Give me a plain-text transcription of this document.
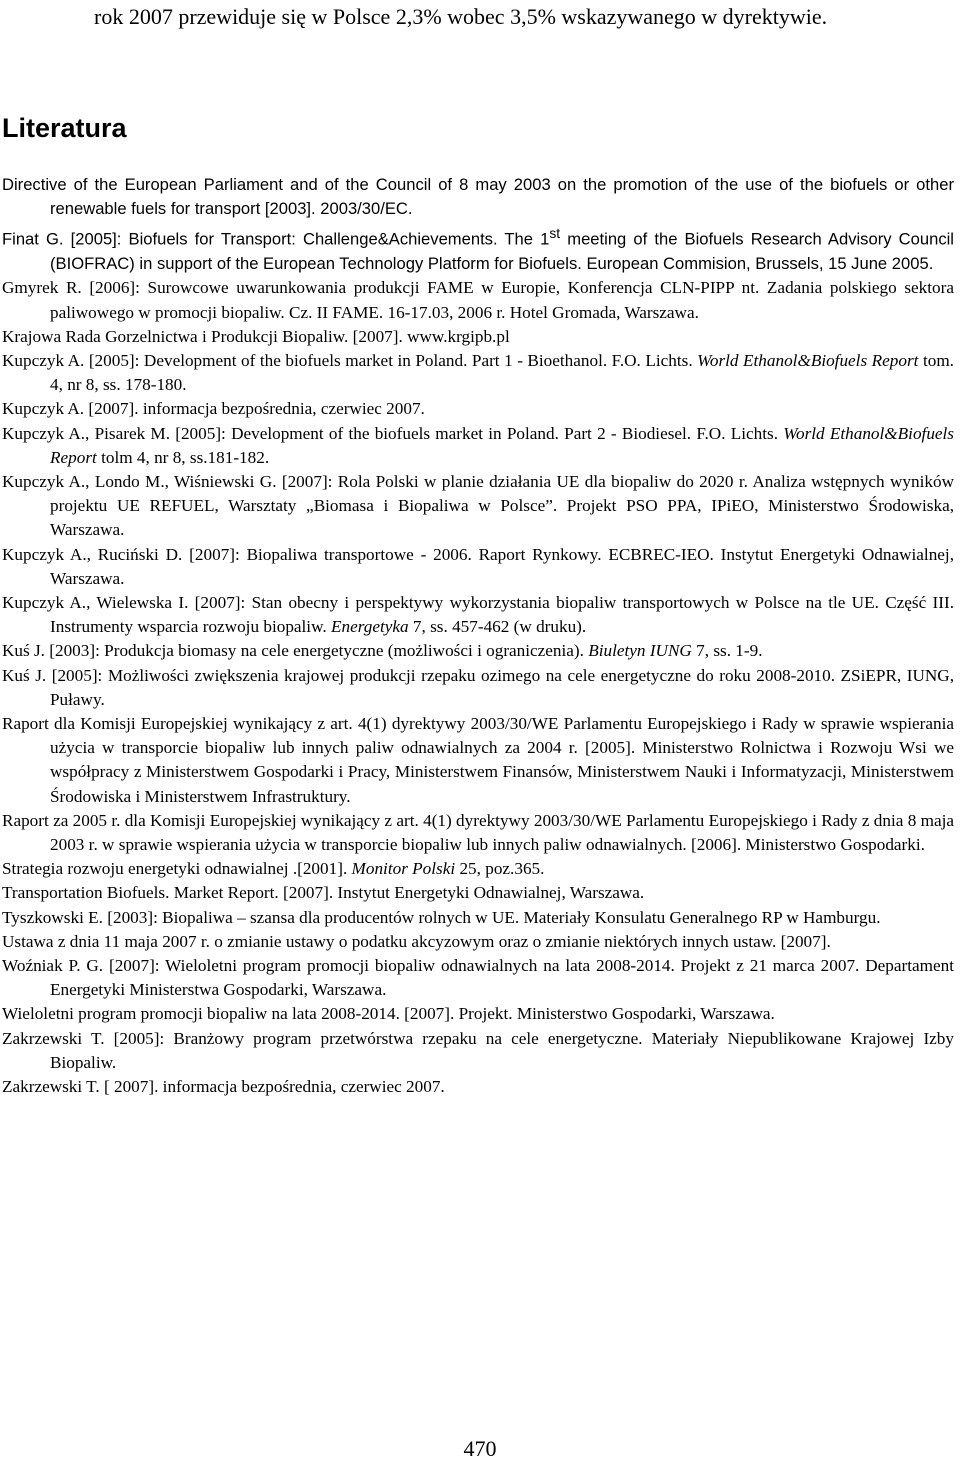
rok 2007 przewiduje się w Polsce 2,3% wobec 3,5% wskazywanego w dyrektywie.

Literatura
Directive of the European Parliament and of the Council of 8 may 2003 on the promotion of the use of the biofuels or other renewable fuels for transport [2003]. 2003/30/EC.
Finat G. [2005]: Biofuels for Transport: Challenge&Achievements. The 1st meeting of the Biofuels Research Advisory Council (BIOFRAC) in support of the European Technology Platform for Biofuels. European Commision, Brussels, 15 June 2005.
Gmyrek R. [2006]: Surowcowe uwarunkowania produkcji FAME w Europie, Konferencja CLN-PIPP nt. Zadania polskiego sektora paliwowego w promocji biopaliw. Cz. II FAME. 16-17.03, 2006 r. Hotel Gromada, Warszawa.
Krajowa Rada Gorzelnictwa i Produkcji Biopaliw. [2007]. www.krgipb.pl
Kupczyk A. [2005]: Development of the biofuels market in Poland. Part 1 - Bioethanol. F.O. Lichts. World Ethanol&Biofuels Report tom. 4, nr 8, ss. 178-180.
Kupczyk A. [2007]. informacja bezpośrednia, czerwiec 2007.
Kupczyk A., Pisarek M. [2005]: Development of the biofuels market in Poland. Part 2 - Biodiesel. F.O. Lichts. World Ethanol&Biofuels Report tolm 4, nr 8, ss.181-182.
Kupczyk A., Londo M., Wiśniewski G. [2007]: Rola Polski w planie działania UE dla biopaliw do 2020 r. Analiza wstępnych wyników projektu UE REFUEL, Warsztaty „Biomasa i Biopaliwa w Polsce”. Projekt PSO PPA, IPiEO, Ministerstwo Środowiska, Warszawa.
Kupczyk A., Ruciński D. [2007]: Biopaliwa transportowe - 2006. Raport Rynkowy. ECBREC-IEO. Instytut Energetyki Odnawialnej, Warszawa.
Kupczyk A., Wielewska I. [2007]: Stan obecny i perspektywy wykorzystania biopaliw transportowych w Polsce na tle UE. Część III. Instrumenty wsparcia rozwoju biopaliw. Energetyka 7, ss. 457-462 (w druku).
Kuś J. [2003]: Produkcja biomasy na cele energetyczne (możliwości i ograniczenia). Biuletyn IUNG 7, ss. 1-9.
Kuś J. [2005]: Możliwości zwiększenia krajowej produkcji rzepaku ozimego na cele energetyczne do roku 2008-2010. ZSiEPR, IUNG, Puławy.
Raport dla Komisji Europejskiej wynikający z art. 4(1) dyrektywy 2003/30/WE Parlamentu Europejskiego i Rady w sprawie wspierania użycia w transporcie biopaliw lub innych paliw odnawialnych za 2004 r. [2005]. Ministerstwo Rolnictwa i Rozwoju Wsi we współpracy z Ministerstwem Gospodarki i Pracy, Ministerstwem Finansów, Ministerstwem Nauki i Informatyzacji, Ministerstwem Środowiska i Ministerstwem Infrastruktury.
Raport za 2005 r. dla Komisji Europejskiej wynikający z art. 4(1) dyrektywy 2003/30/WE Parlamentu Europejskiego i Rady z dnia 8 maja 2003 r. w sprawie wspierania użycia w transporcie biopaliw lub innych paliw odnawialnych. [2006]. Ministerstwo Gospodarki.
Strategia rozwoju energetyki odnawialnej .[2001]. Monitor Polski 25, poz.365.
Transportation Biofuels. Market Report. [2007]. Instytut Energetyki Odnawialnej, Warszawa.
Tyszkowski E. [2003]: Biopaliwa – szansa dla producentów rolnych w UE. Materiały Konsulatu Generalnego RP w Hamburgu.
Ustawa z dnia 11 maja 2007 r. o zmianie ustawy o podatku akcyzowym oraz o zmianie niektórych innych ustaw. [2007].
Woźniak P. G. [2007]: Wieloletni program promocji biopaliw odnawialnych na lata 2008-2014. Projekt z 21 marca 2007. Departament Energetyki Ministerstwa Gospodarki, Warszawa.
Wieloletni program promocji biopaliw na lata 2008-2014. [2007]. Projekt. Ministerstwo Gospodarki, Warszawa.
Zakrzewski T. [2005]: Branżowy program przetwórstwa rzepaku na cele energetyczne. Materiały Niepublikowane Krajowej Izby Biopaliw.
Zakrzewski T. [ 2007]. informacja bezpośrednia, czerwiec 2007.
470
